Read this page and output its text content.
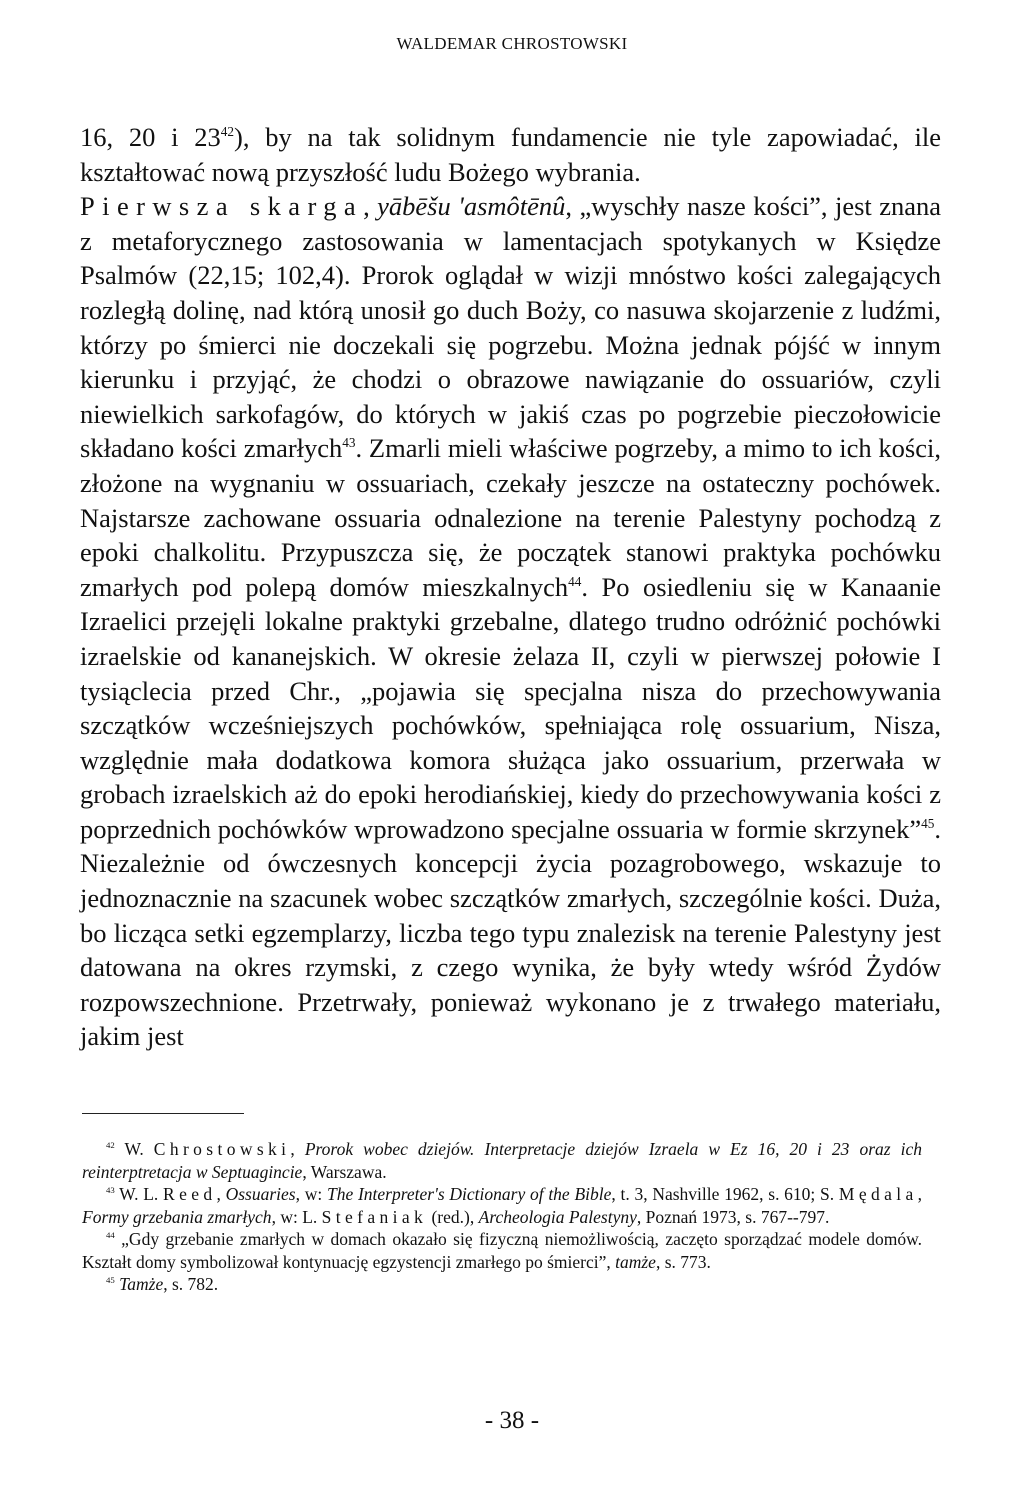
WALDEMAR CHROSTOWSKI

16, 20 i $23^{42}$), by na tak solidnym fundamencie nie tyle zapowiadać, ile kształtować nową przyszłość ludu Bożego wybrania.
Pierwsza skarga, yābēšu 'asmôtēnû, „wyschły nasze kości”, jest znana z metaforycznego zastosowania w lamentacjach spotykanych w Księdze Psalmów (22,15; 102,4). Prorok oglądał w wizji mnóstwo kości zalegających rozległą dolinę, nad którą unosił go duch Boży, co nasuwa skojarzenie z ludźmi, którzy po śmierci nie doczekali się pogrzebu. Można jednak pójść w innym kierunku i przyjąć, że chodzi o obrazowe nawiązanie do ossuariów, czyli niewielkich sarkofagów, do których w jakiś czas po pogrzebie pieczołowicie składano kości zmarłych$^{43}$. Zmarli mieli właściwe pogrzeby, a mimo to ich kości, złożone na wygnaniu w ossuariach, czekały jeszcze na ostateczny pochówek. Najstarsze zachowane ossuaria odnalezione na terenie Palestyny pochodzą z epoki chalkolitu. Przypuszcza się, że początek stanowi praktyka pochówku zmarłych pod polepą domów mieszkalnych$^{44}$. Po osiedleniu się w Kanaanie Izraelici przejęli lokalne praktyki grzebalne, dlatego trudno odróżnić pochówki izraelskie od kananejskich. W okresie żelaza II, czyli w pierwszej połowie I tysiąclecia przed Chr., „pojawia się specjalna nisza do przechowywania szczątków wcześniejszych pochówków, spełniająca rolę ossuarium, Nisza, względnie mała dodatkowa komora służąca jako ossuarium, przerwała w grobach izraelskich aż do epoki herodiańskiej, kiedy do przechowywania kości z poprzednich pochówków wprowadzono specjalne ossuaria w formie skrzynek”$^{45}$. Niezależnie od ówczesnych koncepcji życia pozagrobowego, wskazuje to jednoznacznie na szacunek wobec szczątków zmarłych, szczególnie kości. Duża, bo licząca setki egzemplarzy, liczba tego typu znalezisk na terenie Palestyny jest datowana na okres rzymski, z czego wynika, że były wtedy wśród Żydów rozpowszechnione. Przetrwały, ponieważ wykonano je z trwałego materiału, jakim jest

$^{42}$ W. Chrostowski, Prorok wobec dziejów. Interpretacje dziejów Izraela w Ez 16, 20 i 23 oraz ich reinterptretacja w Septuagincie, Warszawa.

$^{43}$ W. L. Reed, Ossuaries, w: The Interpreter's Dictionary of the Bible, t. 3, Nashville 1962, s. 610; S. Mędala, Formy grzebania zmarłych, w: L. Stefaniak (red.), Archeologia Palestyny, Poznań 1973, s. 767--797.

$^{44}$ „Gdy grzebanie zmarłych w domach okazało się fizyczną niemożliwością, zaczęto sporządzać modele domów. Kształt domy symbolizował kontynuację egzystencji zmarłego po śmierci”, tamże, s. 773.

$^{45}$ Tamże, s. 782.

- 38 -
